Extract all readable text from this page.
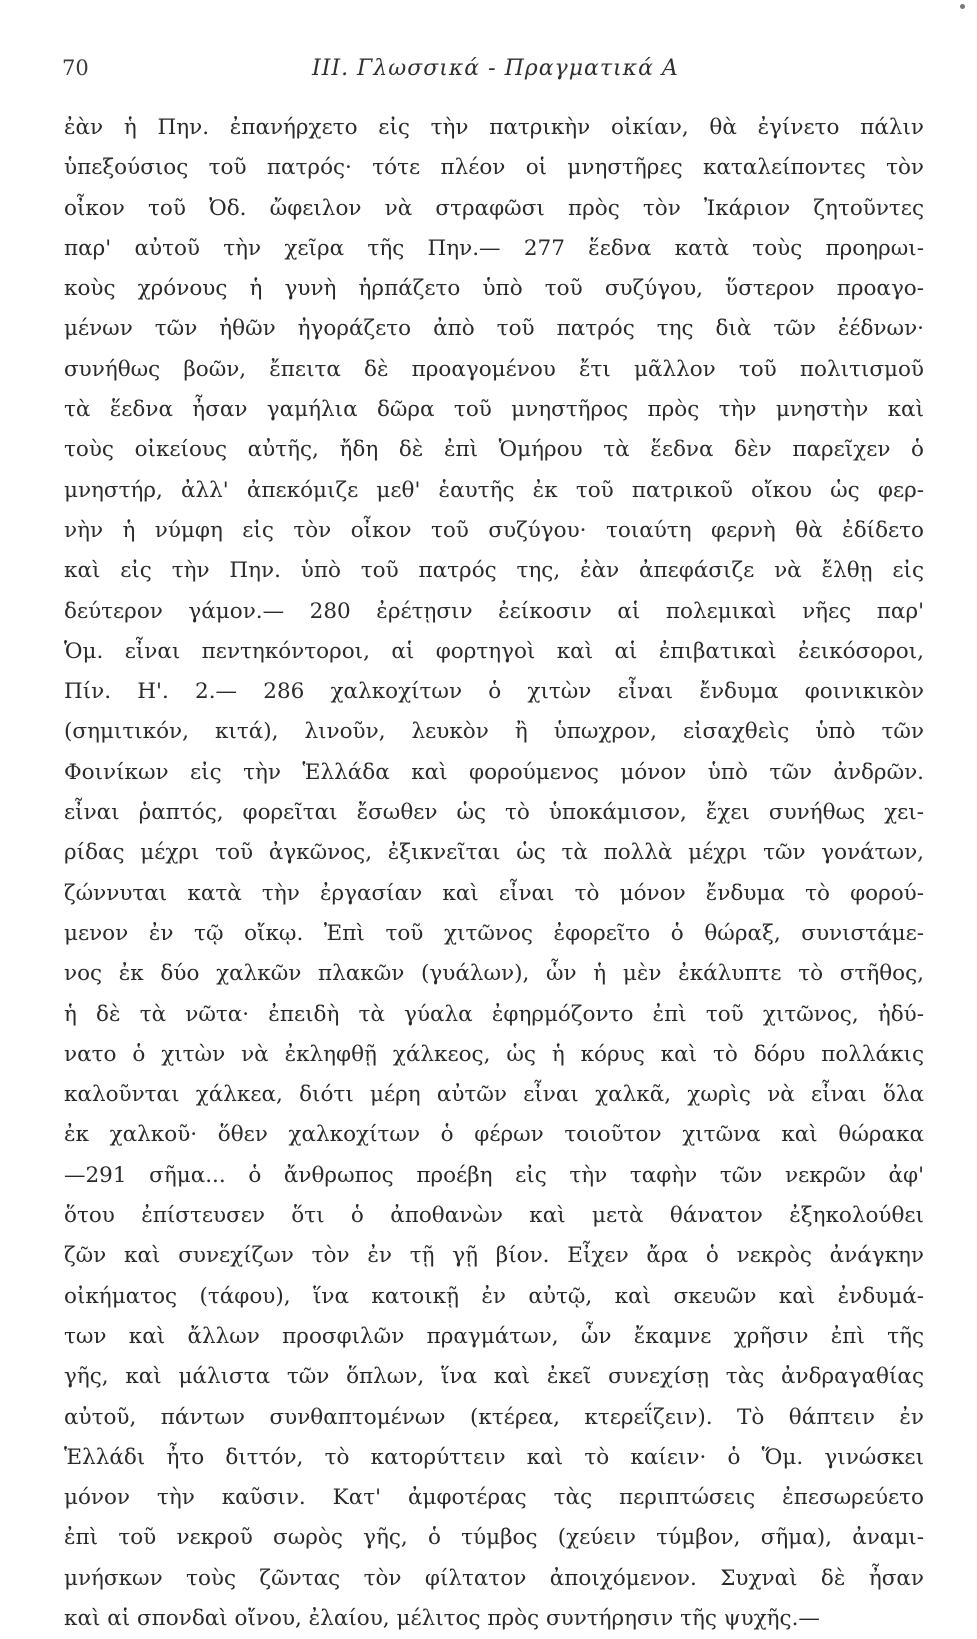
70	III. Γλωσσικά - Πραγματικά Α
ἐὰν ἡ Πην. ἐπανήρχετο εἰς τὴν πατρικὴν οἰκίαν, θὰ ἐγίνετο πάλιν
ὑπεξούσιος τοῦ πατρός· τότε πλέον οἱ μνηστῆρες καταλείποντες τὸν
οἶκον τοῦ Ὀδ. ὤφειλον νὰ στραφῶσι πρὸς τὸν Ἰκάριον ζητοῦντες
παρ' αὐτοῦ τὴν χεῖρα τῆς Πην.— 277 ἕεδνα κατὰ τοὺς προηρωι-
κοὺς χρόνους ἡ γυνὴ ἡρπάζετο ὑπὸ τοῦ συζύγου, ὕστερον προαγο-
μένων τῶν ἠθῶν ἠγοράζετο ἀπὸ τοῦ πατρός της διὰ τῶν ἐέδνων·
συνήθως βοῶν, ἔπειτα δὲ προαγομένου ἔτι μᾶλλον τοῦ πολιτισμοῦ
τὰ ἕεδνα ἦσαν γαμήλια δῶρα τοῦ μνηστῆρος πρὸς τὴν μνηστὴν καὶ
τοὺς οἰκείους αὐτῆς, ἤδη δὲ ἐπὶ Ὁμήρου τὰ ἕεδνα δὲν παρεῖχεν ὁ
μνηστήρ, ἀλλ' ἀπεκόμιζε μεθ' ἑαυτῆς ἐκ τοῦ πατρικοῦ οἴκου ὡς φερ-
νὴν ἡ νύμφη εἰς τὸν οἶκον τοῦ συζύγου· τοιαύτη φερνὴ θὰ ἐδίδετο
καὶ εἰς τὴν Πην. ὑπὸ τοῦ πατρός της, ἐὰν ἀπεφάσιζε νὰ ἔλθῃ εἰς
δεύτερον γάμον.— 280 ἐρέτῃσιν ἐείκοσιν αἱ πολεμικαὶ νῆες παρ'
Ὁμ. εἶναι πεντηκόντοροι, αἱ φορτηγοὶ καὶ αἱ ἐπιβατικαὶ ἐεικόσοροι,
Πίν. Η'. 2.— 286 χαλκοχίτων ὁ χιτὼν εἶναι ἔνδυμα φοινικικὸν
(σημιτικόν, κιτά), λινοῦν, λευκὸν ἢ ὑπωχρον, εἰσαχθεὶς ὑπὸ τῶν
Φοινίκων εἰς τὴν Ἑλλάδα καὶ φορούμενος μόνον ὑπὸ τῶν ἀνδρῶν.
εἶναι ῥαπτός, φορεῖται ἔσωθεν ὡς τὸ ὑποκάμισον, ἔχει συνήθως χει-
ρίδας μέχρι τοῦ ἀγκῶνος, ἐξικνεῖται ὡς τὰ πολλὰ μέχρι τῶν γονάτων,
ζώννυται κατὰ τὴν ἐργασίαν καὶ εἶναι τὸ μόνον ἔνδυμα τὸ φορού-
μενον ἐν τῷ οἴκῳ. Ἐπὶ τοῦ χιτῶνος ἐφορεῖτο ὁ θώραξ, συνιστάμε-
νος ἐκ δύο χαλκῶν πλακῶν (γυάλων), ὧν ἡ μὲν ἐκάλυπτε τὸ στῆθος,
ἡ δὲ τὰ νῶτα· ἐπειδὴ τὰ γύαλα ἐφηρμόζοντο ἐπὶ τοῦ χιτῶνος, ἠδύ-
νατο ὁ χιτὼν νὰ ἐκληφθῇ χάλκεος, ὡς ἡ κόρυς καὶ τὸ δόρυ πολλάκις
καλοῦνται χάλκεα, διότι μέρη αὐτῶν εἶναι χαλκᾶ, χωρὶς νὰ εἶναι ὅλα
ἐκ χαλκοῦ· ὅθεν χαλκοχίτων ὁ φέρων τοιοῦτον χιτῶνα καὶ θώρακα
—291 σῆμα... ὁ ἄνθρωπος προέβη εἰς τὴν ταφὴν τῶν νεκρῶν ἀφ'
ὅτου ἐπίστευσεν ὅτι ὁ ἀποθανὼν καὶ μετὰ θάνατον ἐξηκολούθει
ζῶν καὶ συνεχίζων τὸν ἐν τῇ γῇ βίον. Εἶχεν ἄρα ὁ νεκρὸς ἀνάγκην
οἰκήματος (τάφου), ἵνα κατοικῇ ἐν αὐτῷ, καὶ σκευῶν καὶ ἐνδυμά-
των καὶ ἄλλων προσφιλῶν πραγμάτων, ὧν ἔκαμνε χρῆσιν ἐπὶ τῆς
γῆς, καὶ μάλιστα τῶν ὅπλων, ἵνα καὶ ἐκεῖ συνεχίσῃ τὰς ἀνδραγαθίας
αὐτοῦ, πάντων συνθαπτομένων (κτέρεα, κτερεΐζειν). Τὸ θάπτειν ἐν
Ἑλλάδι ἦτο διττόν, τὸ κατορύττειν καὶ τὸ καίειν· ὁ Ὅμ. γινώσκει
μόνον τὴν καῦσιν. Κατ' ἀμφοτέρας τὰς περιπτώσεις ἐπεσωρεύετο
ἐπὶ τοῦ νεκροῦ σωρὸς γῆς, ὁ τύμβος (χεύειν τύμβον, σῆμα), ἀναμι-
μνήσκων τοὺς ζῶντας τὸν φίλτατον ἀποιχόμενον. Συχναὶ δὲ ἦσαν
καὶ αἱ σπονδαὶ οἴνου, ἐλαίου, μέλιτος πρὸς συντήρησιν τῆς ψυχῆς.—
